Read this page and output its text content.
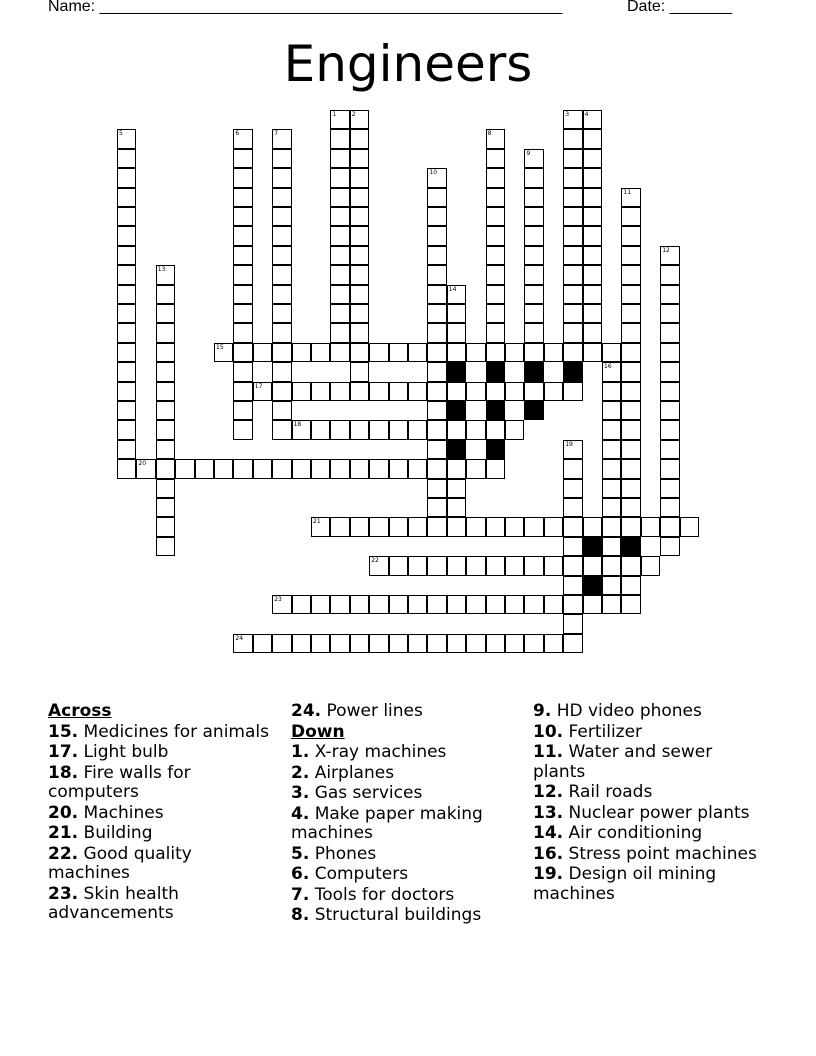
Name: ____________________________________________________	Date: _______
Engineers
15
17
18
20
21
22
23
24
1	2	3	4
5	6	7	8
9
10
11
12
13
14
16
19
Across
15. Medicines for animals
17. Light bulb
18. Fire walls for computers
20. Machines
21. Building
22. Good quality machines
23. Skin health advancements
24. Power lines
Down
1. X-ray machines
2. Airplanes
3. Gas services
4. Make paper making machines
5. Phones
6. Computers
7. Tools for doctors
8. Structural buildings
9. HD video phones
10. Fertilizer
11. Water and sewer plants
12. Rail roads
13. Nuclear power plants
14. Air conditioning
16. Stress point machines
19. Design oil mining machines
